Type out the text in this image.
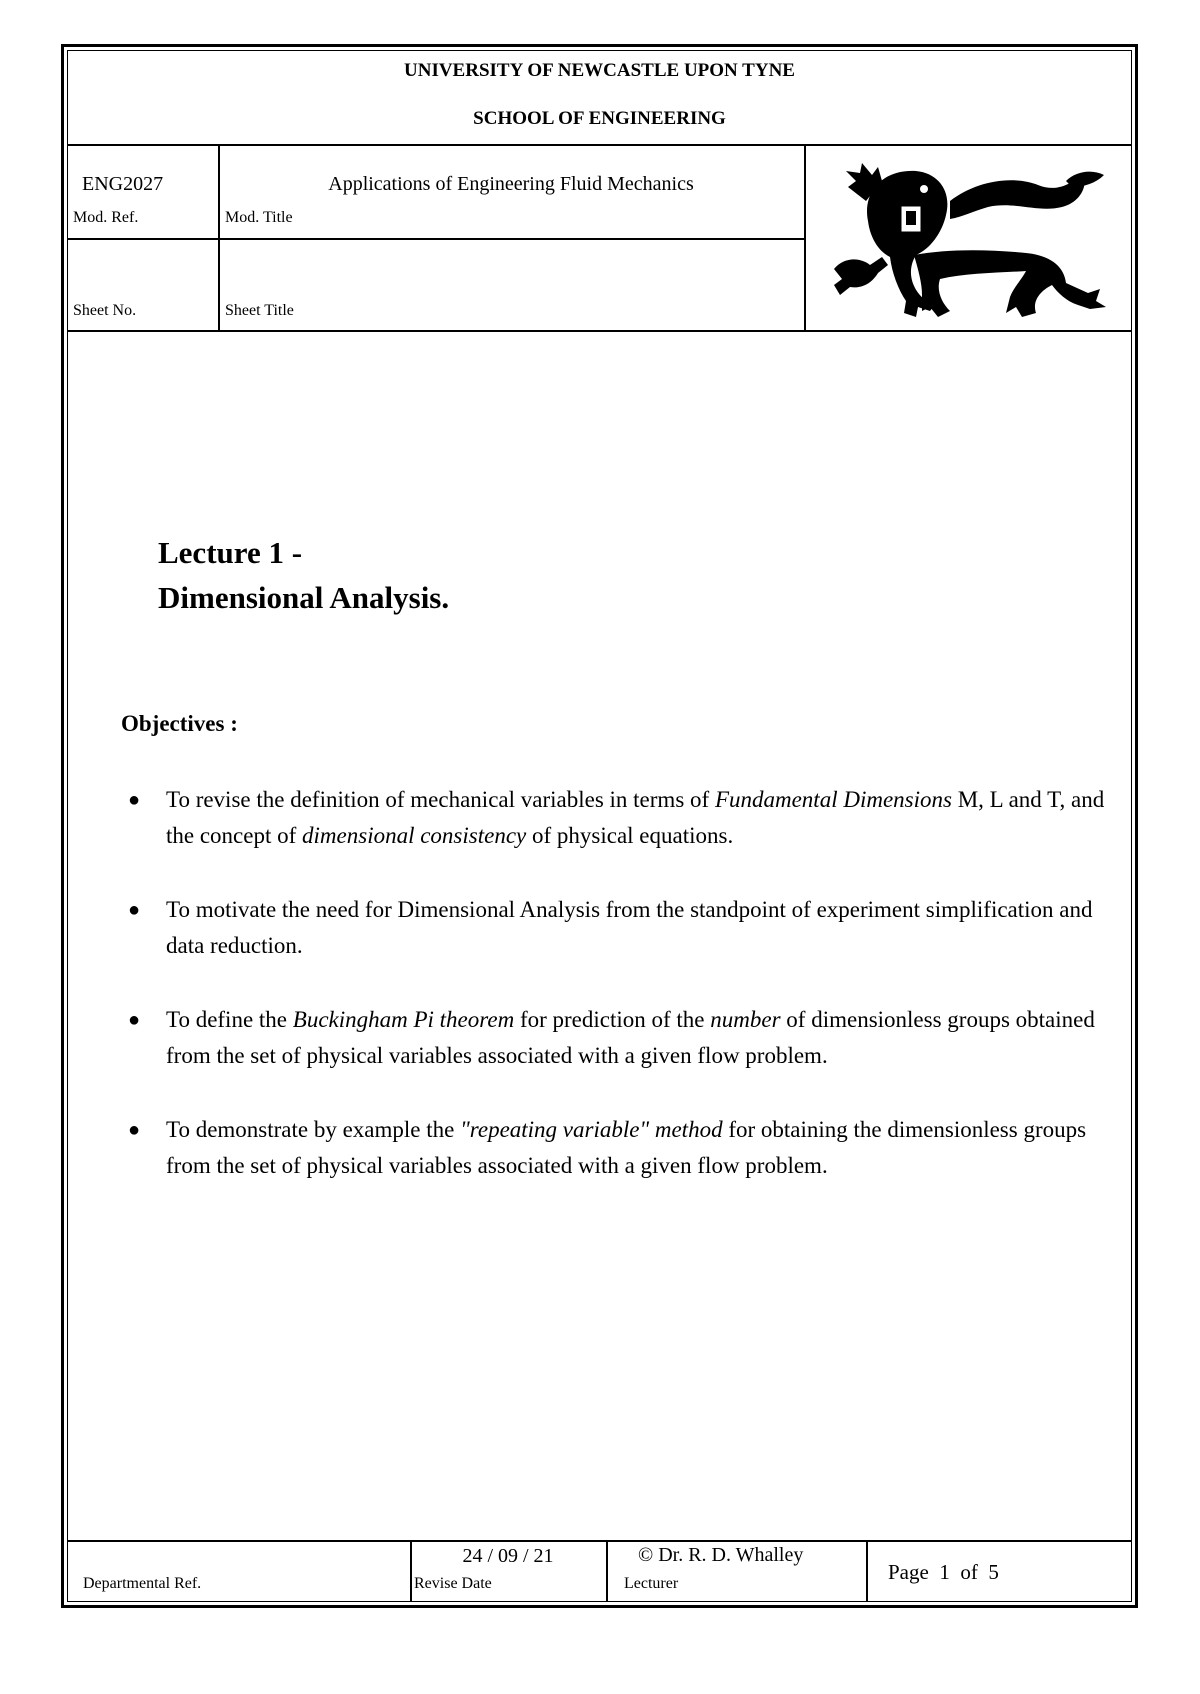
UNIVERSITY OF NEWCASTLE UPON TYNE
SCHOOL OF ENGINEERING
ENG2027
Mod. Ref.
Applications of Engineering Fluid Mechanics
Mod. Title
Sheet No.	Sheet Title
Lecture 1 -
Dimensional Analysis.
Objectives :
● To revise the definition of mechanical variables in terms of Fundamental Dimensions M, L and T, and the concept of dimensional consistency of physical equations.
● To motivate the need for Dimensional Analysis from the standpoint of experiment simplification and data reduction.
● To define the Buckingham Pi theorem for prediction of the number of dimensionless groups obtained from the set of physical variables associated with a given flow problem.
● To demonstrate by example the "repeating variable" method for obtaining the dimensionless groups from the set of physical variables associated with a given flow problem.
Departmental Ref.
24 / 09 / 21
Revise Date
© Dr. R. D. Whalley
Lecturer	Page 1 of 5
